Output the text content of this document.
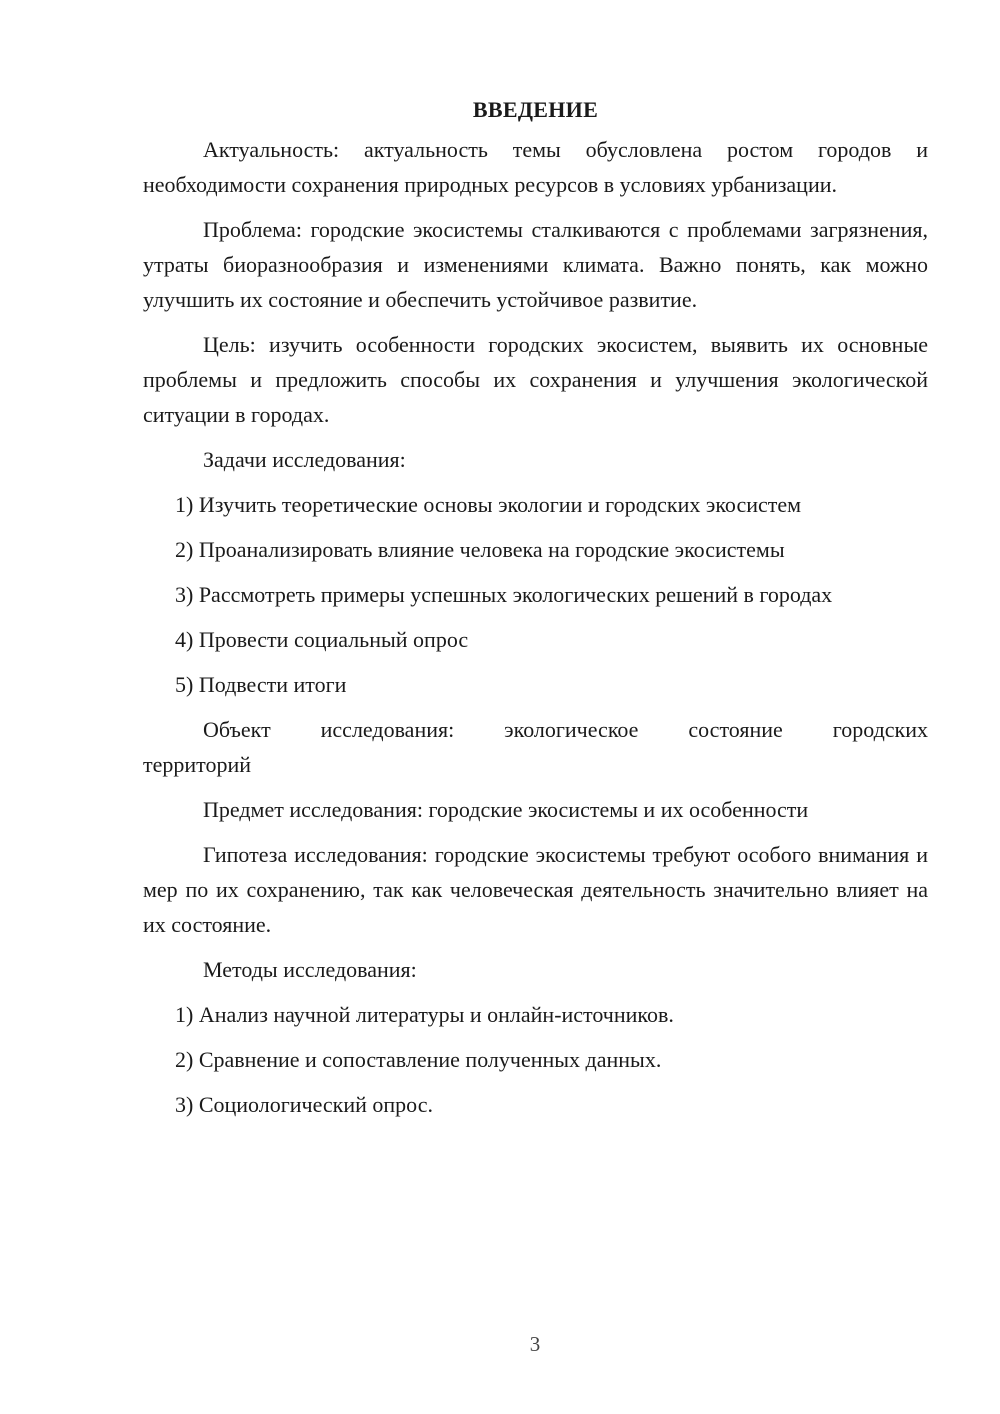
ВВЕДЕНИЕ

Актуальность: актуальность темы обусловлена ростом городов и необходимости сохранения природных ресурсов в условиях урбанизации.

Проблема: городские экосистемы сталкиваются с проблемами загрязнения, утраты биоразнообразия и изменениями климата. Важно понять, как можно улучшить их состояние и обеспечить устойчивое развитие.

Цель: изучить особенности городских экосистем, выявить их основные проблемы и предложить способы их сохранения и улучшения экологической ситуации в городах.

Задачи исследования:

1) Изучить теоретические основы экологии и городских экосистем
2) Проанализировать влияние человека на городские экосистемы
3) Рассмотреть примеры успешных экологических решений в городах
4) Провести социальный опрос
5) Подвести итоги
Объект исследования: экологическое состояние городских
территорий

Предмет исследования: городские экосистемы и их особенности

Гипотеза исследования: городские экосистемы требуют особого внимания и мер по их сохранению, так как человеческая деятельность значительно влияет на их состояние.

Методы исследования:

1) Анализ научной литературы и онлайн-источников.
2) Сравнение и сопоставление полученных данных.
3) Социологический опрос.
3
